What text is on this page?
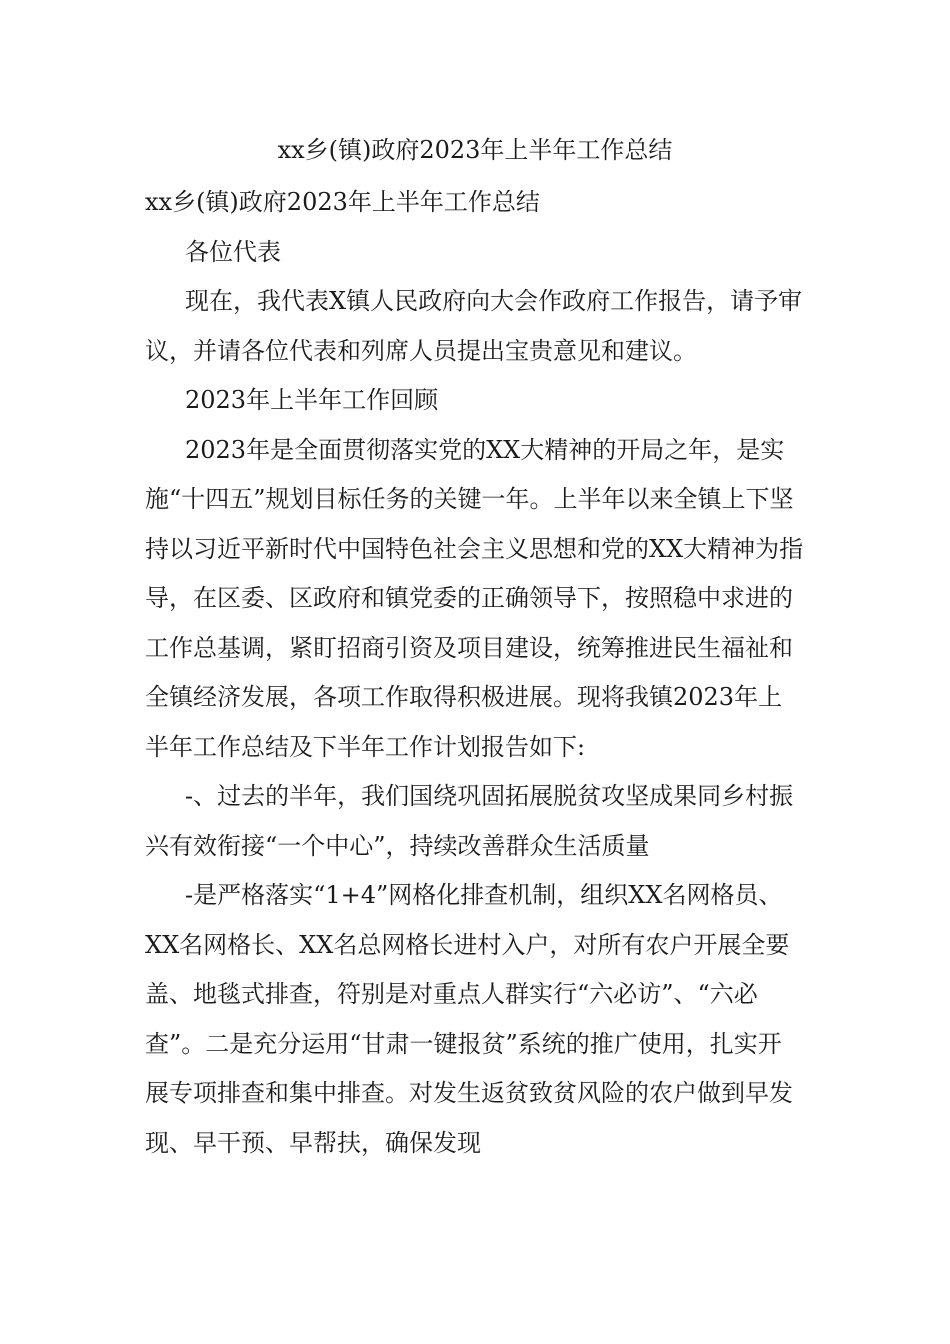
xx乡(镇)政府2023年上半年工作总结

xx乡(镇)政府2023年上半年工作总结

各位代表

现在，我代表X镇人民政府向大会作政府工作报告，请予审议，并请各位代表和列席人员提出宝贵意见和建议。

2023年上半年工作回顾

2023年是全面贯彻落实党的XX大精神的开局之年，是实施“十四五”规划目标任务的关键一年。上半年以来全镇上下坚持以习近平新时代中国特色社会主义思想和党的XX大精神为指导，在区委、区政府和镇党委的正确领导下，按照稳中求进的工作总基调，紧盯招商引资及项目建设，统筹推进民生福祉和全镇经济发展，各项工作取得积极进展。现将我镇2023年上半年工作总结及下半年工作计划报告如下:

-、过去的半年，我们国绕巩固拓展脱贫攻坚成果同乡村振兴有效衔接“一个中心”，持续改善群众生活质量

-是严格落实“1+4”网格化排查机制，组织XX名网格员、XX名网格长、XX名总网格长进村入户，对所有农户开展全要盖、地毯式排查，符别是对重点人群实行“六必访”、“六必查”。二是充分运用“甘肃一键报贫”系统的推广使用，扎实开展专项排查和集中排查。对发生返贫致贫风险的农户做到早发现、早干预、早帮扶，确保发现
